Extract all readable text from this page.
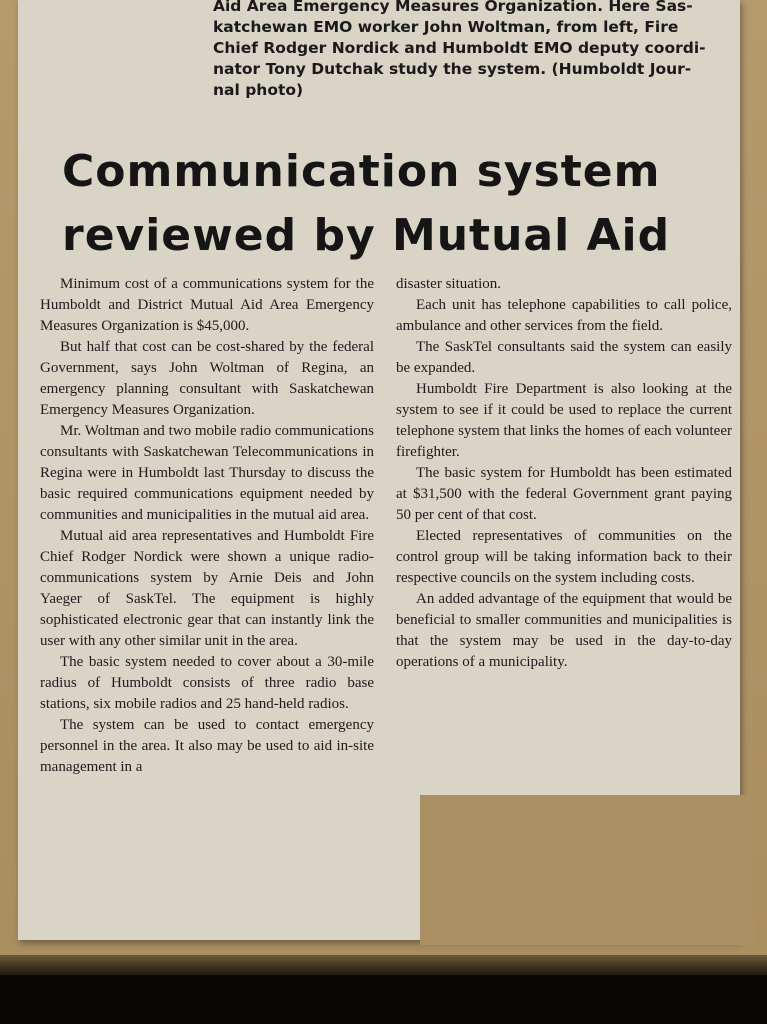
Aid Area Emergency Measures Organization. Here Sas-
katchewan EMO worker John Woltman, from left, Fire
Chief Rodger Nordick and Humboldt EMO deputy coordi-
nator Tony Dutchak study the system. (Humboldt Jour-
nal photo)

Communication system
reviewed by Mutual Aid

Minimum cost of a communications system for the Humboldt and District Mutual Aid Area Emergency Measures Organization is $45,000.

But half that cost can be cost-shared by the federal Government, says John Woltman of Regina, an emergency planning consultant with Saskatchewan Emergency Measures Organization.

Mr. Woltman and two mobile radio communications consultants with Saskatchewan Telecommunications in Regina were in Humboldt last Thursday to discuss the basic required communications equipment needed by communities and municipalities in the mutual aid area.

Mutual aid area representatives and Humboldt Fire Chief Rodger Nordick were shown a unique radio-communications system by Arnie Deis and John Yaeger of SaskTel. The equipment is highly sophisticated electronic gear that can instantly link the user with any other similar unit in the area.

The basic system needed to cover about a 30-mile radius of Humboldt consists of three radio base stations, six mobile radios and 25 hand-held radios.

The system can be used to contact emergency personnel in the area. It also may be used to aid in-site management in a

disaster situation.

Each unit has telephone capabilities to call police, ambulance and other services from the field.

The SaskTel consultants said the system can easily be expanded.

Humboldt Fire Department is also looking at the system to see if it could be used to replace the current telephone system that links the homes of each volunteer firefighter.

The basic system for Humboldt has been estimated at $31,500 with the federal Government grant paying 50 per cent of that cost.

Elected representatives of communities on the control group will be taking information back to their respective councils on the system including costs.

An added advantage of the equipment that would be beneficial to smaller communities and municipalities is that the system may be used in the day-to-day operations of a municipality.
